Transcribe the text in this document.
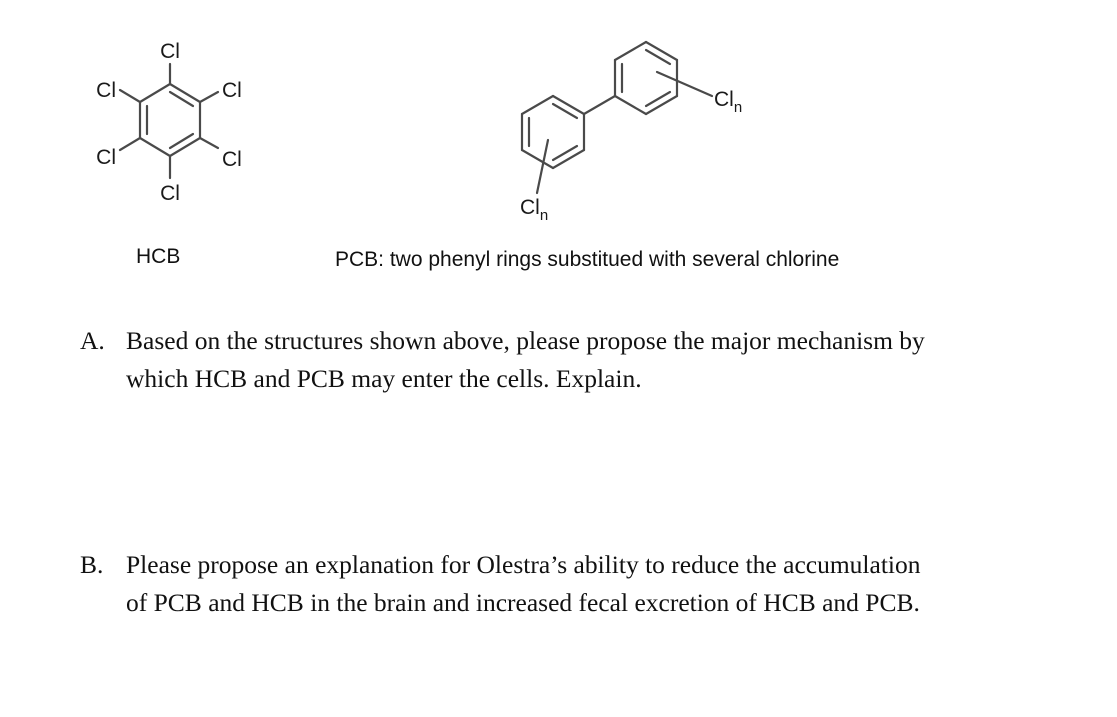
Cl
Cl
Cl
Cl
Cl
Cl	$Cl_n$
$Cl_n$
HCB	PCB: two phenyl rings substitued with several chlorine
A. Based on the structures shown above, please propose the major mechanism by
which HCB and PCB may enter the cells. Explain.
B. Please propose an explanation for Olestra’s ability to reduce the accumulation
of PCB and HCB in the brain and increased fecal excretion of HCB and PCB.
